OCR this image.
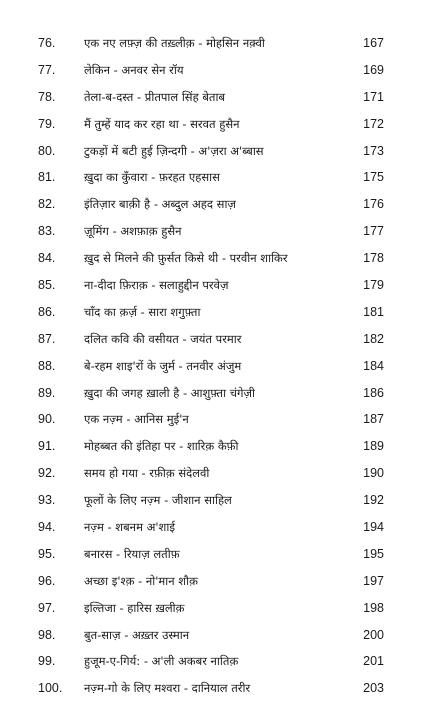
76.	एक नए लफ़्ज़ की तख़्लीक़ - मोहसिन नक़्वी	167
77.	लेकिन - अनवर सेन रॉय	169
78.	तेला-ब-दस्त - प्रीतपाल सिंह बेताब	171
79.	मैं तुम्हें याद कर रहा था - सरवत हुसैन	172
80.	टुकड़ों में बटी हुई ज़िन्दगी - अ'ज़रा अ'ब्बास	173
81.	ख़ुदा का कुँवारा - फ़रहत एहसास	175
82.	इंतिज़ार बाक़ी है - अब्दुल अहद साज़	176
83.	ज़ूमिंग - अशफ़ाक़ हुसैन	177
84.	ख़ुद से मिलने की फ़ुर्सत किसे थी - परवीन शाकिर	178
85.	ना-दीदा फ़िराक़ - सलाहुद्दीन परवेज़	179
86.	चाँद का क़र्ज़ - सारा शगुफ़्ता	181
87.	दलित कवि की वसीयत - जयंत परमार	182
88.	बे-रहम शाइ'रों के जुर्म - तनवीर अंजुम	184
89.	ख़ुदा की जगह ख़ाली है - आशुफ़्ता चंगेज़ी	186
90.	एक नज़्म - आनिस मुई'न	187
91.	मोहब्बत की इंतिहा पर - शारिक़ कैफ़ी	189
92.	समय हो गया - रफ़ीक़ संदेलवी	190
93.	फूलों के लिए नज़्म - जीशान साहिल	192
94.	नज़्म - शबनम अ'शाई	194
95.	बनारस - रियाज़ लतीफ़	195
96.	अच्छा इ'श्क़ - नो'मान शौक़	197
97.	इल्तिजा - हारिस ख़लीक़	198
98.	बुत-साज़ - अख़्तर उस्मान	200
99.	हुजूम-ए-गिर्य: - अ'ली अकबर नातिक़	201
100.	नज़्म-गो के लिए मश्वरा - दानियाल तरीर	203
